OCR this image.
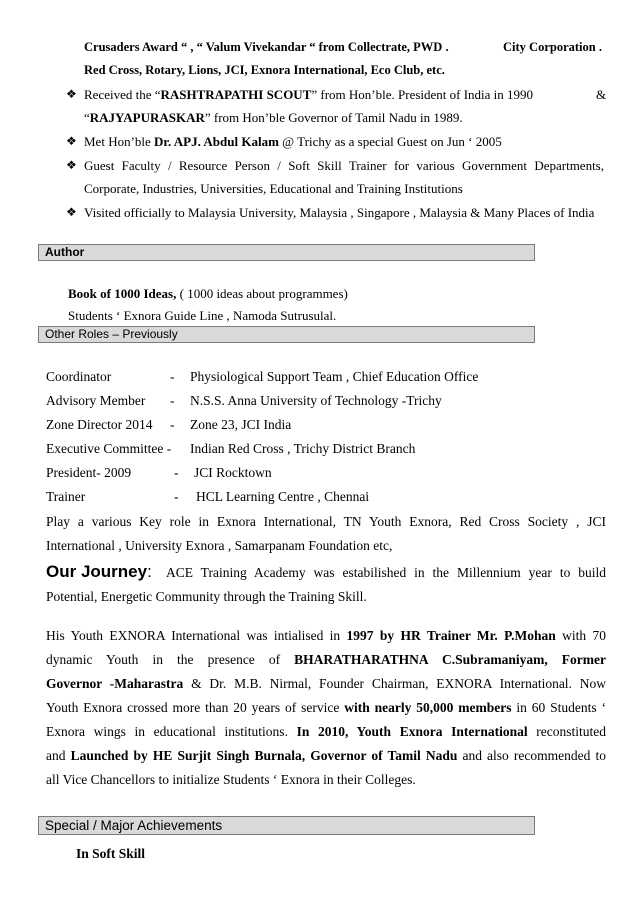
Crusaders Award “ , “ Valum Vivekandar “ from Collectrate, PWD .	City Corporation .
Red Cross, Rotary, Lions, JCI, Exnora International, Eco Club, etc.
❖ Received the “RASHTRAPATHI SCOUT” from Hon’ble. President of India in 1990	&
“RAJYAPURASKAR” from Hon’ble Governor of Tamil Nadu in 1989.
❖ Met Hon’ble Dr. APJ. Abdul Kalam @ Trichy as a special Guest on Jun ‘ 2005
❖ Guest Faculty / Resource Person / Soft Skill Trainer for various Government Departments,
Corporate, Industries, Universities, Educational and Training Institutions
❖ Visited officially to Malaysia University, Malaysia , Singapore , Malaysia & Many Places of India
Author
Book of 1000 Ideas, ( 1000 ideas about programmes)
Students ‘ Exnora Guide Line , Namoda Sutrusulal.
Other Roles – Previously
Coordinator	- Physiological Support Team , Chief Education Office
Advisory Member - N.S.S. Anna University of Technology -Trichy
Zone Director 2014 - Zone 23, JCI India
Executive Committee - Indian Red Cross , Trichy District Branch
President- 2009	- JCI Rocktown
Trainer	- HCL Learning Centre , Chennai
Play a various Key role in Exnora International, TN Youth Exnora, Red Cross Society , JCI
International , University Exnora , Samarpanam Foundation etc,
Our Journey: ACE Training Academy was estabilished in the Millennium year to build
Potential, Energetic Community through the Training Skill.
His Youth EXNORA International was intialised in 1997 by HR Trainer Mr. P.Mohan with 70
dynamic Youth in the presence of BHARATHARATHNA C.Subramaniyam, Former
Governor -Maharastra & Dr. M.B. Nirmal, Founder Chairman, EXNORA International. Now
Youth Exnora crossed more than 20 years of service with nearly 50,000 members in 60 Students ‘
Exnora wings in educational institutions. In 2010, Youth Exnora International reconstituted
and Launched by HE Surjit Singh Burnala, Governor of Tamil Nadu and also recommended to
all Vice Chancellors to initialize Students ‘ Exnora in their Colleges.
Special / Major Achievements
In Soft Skill
